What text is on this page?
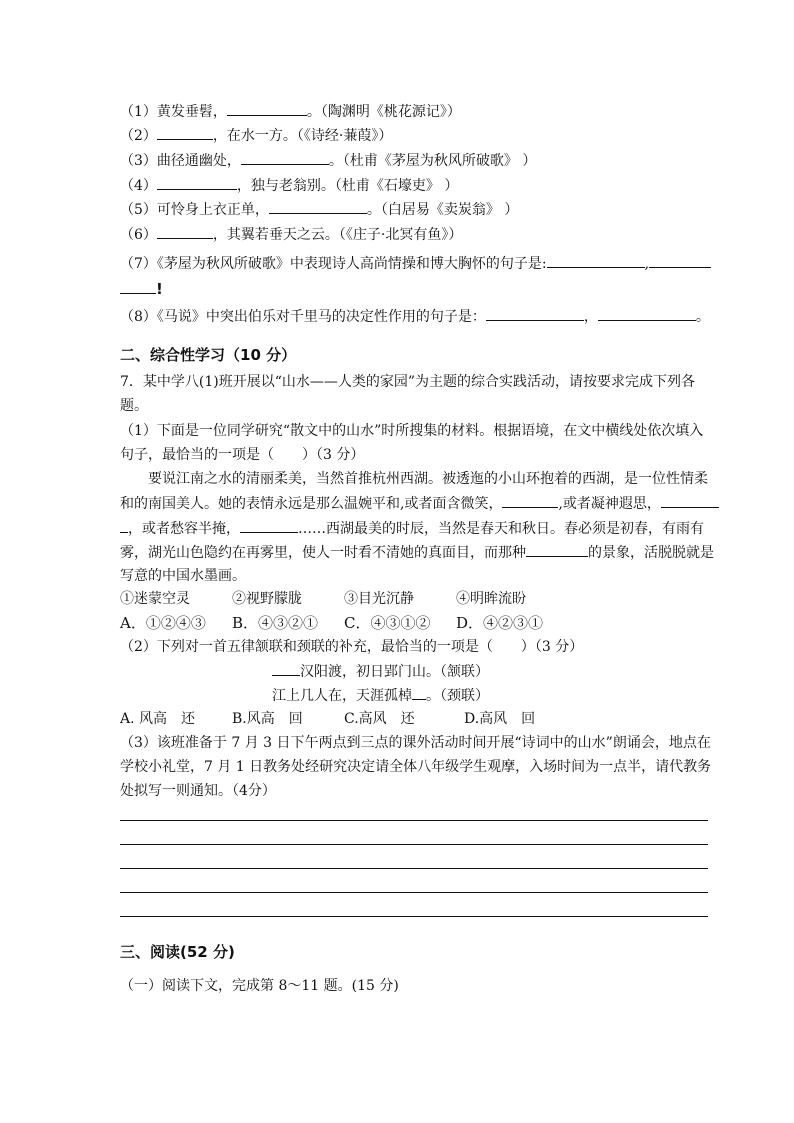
（1）黄发垂髫，	。（陶渊明《桃花源记》）
（2）	，在水一方。（《诗经·蒹葭》）
（3）曲径通幽处，	。（杜甫《茅屋为秋风所破歌》 ）
（4）	，独与老翁别。（杜甫《石壕吏》 ）
（5）可怜身上衣正单，	。（白居易《卖炭翁》 ）
（6）	，其翼若垂天之云。（《庄子·北冥有鱼》）
（7）《茅屋为秋风所破歌》中表现诗人高尚情操和博大胸怀的句子是:	,
!
（8）《马说》中突出伯乐对千里马的决定性作用的句子是：	，	。
二、综合性学习（10 分）
7．某中学八(1)班开展以“山水——人类的家园”为主题的综合实践活动，请按要求完成下列各
题。
（1）下面是一位同学研究“散文中的山水”时所搜集的材料。根据语境，在文中横线处依次填入
句子，最恰当的一项是（　　）（3 分）
要说江南之水的清丽柔美，当然首推杭州西湖。被透迤的小山环抱着的西湖，是一位性情柔
和的南国美人。她的表情永远是那么温婉平和,或者面含微笑，	,或者凝神遐思，
，或者愁容半掩，	……西湖最美的时辰，当然是春天和秋日。春必须是初春，有雨有
雾，湖光山色隐约在再雾里，使人一时看不清她的真面目，而那种	的景象，活脱脱就是
写意的中国水墨画。
①迷蒙空灵	②视野朦胧	③目光沉静	④明眸流盼
A．①②④③ B．④③②① C．④③①② D．④②③①
（2）下列对一首五律颔联和颈联的补充，最恰当的一项是（　　）（3 分）
汉阳渡，初日郢门山。（颔联）
江上几人在，天涯孤棹 。（颈联）
A. 风高　还	B.风高　回	C.高风　还	D.高风　回
（3）该班准备于 7 月 3 日下午两点到三点的课外活动时间开展“诗词中的山水”朗诵会，地点在
学校小礼堂，7 月 1 日教务处经研究决定请全体八年级学生观摩，入场时间为一点半，请代教务
处拟写一则通知。（4分）
三、阅读(52 分)
（一）阅读下文，完成第 8～11 题。(15 分)
